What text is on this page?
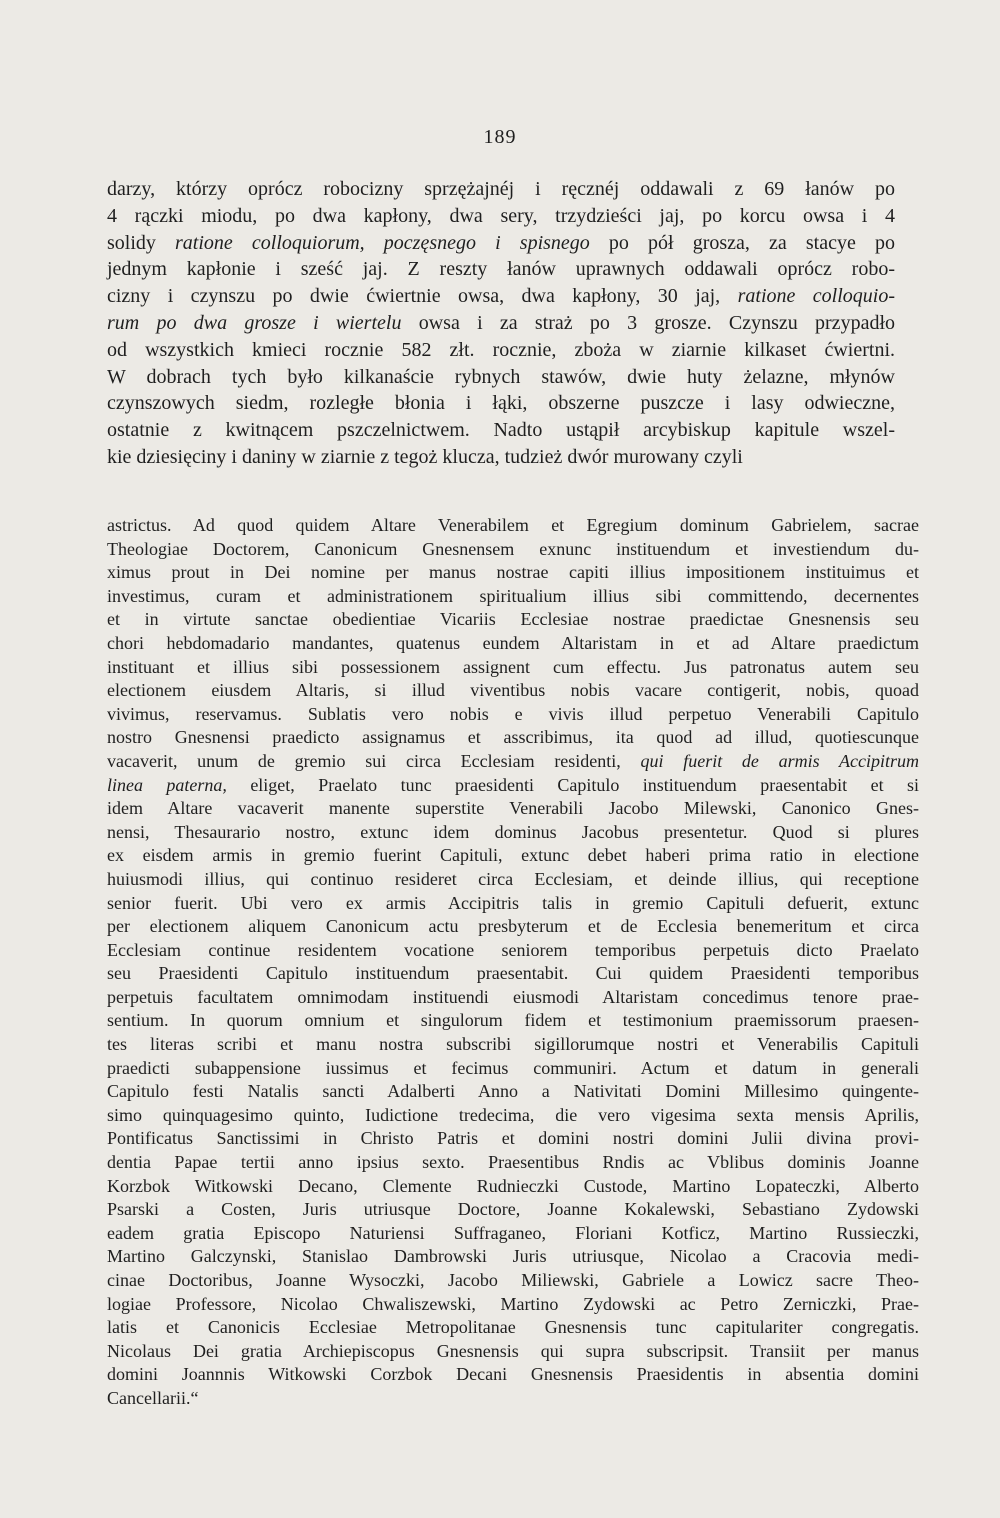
189
darzy, którzy oprócz robocizny sprzężajnéj i ręcznéj oddawali z 69 łanów po
4 rączki miodu, po dwa kapłony, dwa sery, trzydzieści jaj, po korcu owsa i 4
solidy ratione colloquiorum, poczęsnego i spisnego po pół grosza, za stacye po
jednym kapłonie i sześć jaj. Z reszty łanów uprawnych oddawali oprócz robo-
cizny i czynszu po dwie ćwiertnie owsa, dwa kapłony, 30 jaj, ratione colloquio-
rum po dwa grosze i wiertelu owsa i za straż po 3 grosze. Czynszu przypadło
od wszystkich kmieci rocznie 582 złt. rocznie, zboża w ziarnie kilkaset ćwiertni.
W dobrach tych było kilkanaście rybnych stawów, dwie huty żelazne, młynów
czynszowych siedm, rozległe błonia i łąki, obszerne puszcze i lasy odwieczne,
ostatnie z kwitnącem pszczelnictwem. Nadto ustąpił arcybiskup kapitule wszel-
kie dziesięciny i daniny w ziarnie z tegoż klucza, tudzież dwór murowany czyli
astrictus. Ad quod quidem Altare Venerabilem et Egregium dominum Gabrielem, sacrae
Theologiae Doctorem, Canonicum Gnesnensem exnunc instituendum et investiendum du-
ximus prout in Dei nomine per manus nostrae capiti illius impositionem instituimus et
investimus, curam et administrationem spiritualium illius sibi committendo, decernentes
et in virtute sanctae obedientiae Vicariis Ecclesiae nostrae praedictae Gnesnensis seu
chori hebdomadario mandantes, quatenus eundem Altaristam in et ad Altare praedictum
instituant et illius sibi possessionem assignent cum effectu. Jus patronatus autem seu
electionem eiusdem Altaris, si illud viventibus nobis vacare contigerit, nobis, quoad
vivimus, reservamus. Sublatis vero nobis e vivis illud perpetuo Venerabili Capitulo
nostro Gnesnensi praedicto assignamus et asscribimus, ita quod ad illud, quotiescunque
vacaverit, unum de gremio sui circa Ecclesiam residenti, qui fuerit de armis Accipitrum
linea paterna, eliget, Praelato tunc praesidenti Capitulo instituendum praesentabit et si
idem Altare vacaverit manente superstite Venerabili Jacobo Milewski, Canonico Gnes-
nensi, Thesaurario nostro, extunc idem dominus Jacobus presentetur. Quod si plures
ex eisdem armis in gremio fuerint Capituli, extunc debet haberi prima ratio in electione
huiusmodi illius, qui continuo resideret circa Ecclesiam, et deinde illius, qui receptione
senior fuerit. Ubi vero ex armis Accipitris talis in gremio Capituli defuerit, extunc
per electionem aliquem Canonicum actu presbyterum et de Ecclesia benemeritum et circa
Ecclesiam continue residentem vocatione seniorem temporibus perpetuis dicto Praelato
seu Praesidenti Capitulo instituendum praesentabit. Cui quidem Praesidenti temporibus
perpetuis facultatem omnimodam instituendi eiusmodi Altaristam concedimus tenore prae-
sentium. In quorum omnium et singulorum fidem et testimonium praemissorum praesen-
tes literas scribi et manu nostra subscribi sigillorumque nostri et Venerabilis Capituli
praedicti subappensione iussimus et fecimus communiri. Actum et datum in generali
Capitulo festi Natalis sancti Adalberti Anno a Nativitati Domini Millesimo quingente-
simo quinquagesimo quinto, Iudictione tredecima, die vero vigesima sexta mensis Aprilis,
Pontificatus Sanctissimi in Christo Patris et domini nostri domini Julii divina provi-
dentia Papae tertii anno ipsius sexto. Praesentibus Rndis ac Vblibus dominis Joanne
Korzbok Witkowski Decano, Clemente Rudnieczki Custode, Martino Lopateczki, Alberto
Psarski a Costen, Juris utriusque Doctore, Joanne Kokalewski, Sebastiano Zydowski
eadem gratia Episcopo Naturiensi Suffraganeo, Floriani Kotficz, Martino Russieczki,
Martino Galczynski, Stanislao Dambrowski Juris utriusque, Nicolao a Cracovia medi-
cinae Doctoribus, Joanne Wysoczki, Jacobo Miliewski, Gabriele a Lowicz sacre Theo-
logiae Professore, Nicolao Chwaliszewski, Martino Zydowski ac Petro Zerniczki, Prae-
latis et Canonicis Ecclesiae Metropolitanae Gnesnensis tunc capitulariter congregatis.
Nicolaus Dei gratia Archiepiscopus Gnesnensis qui supra subscripsit. Transiit per manus
domini Joannnis Witkowski Corzbok Decani Gnesnensis Praesidentis in absentia domini
Cancellarii.“
